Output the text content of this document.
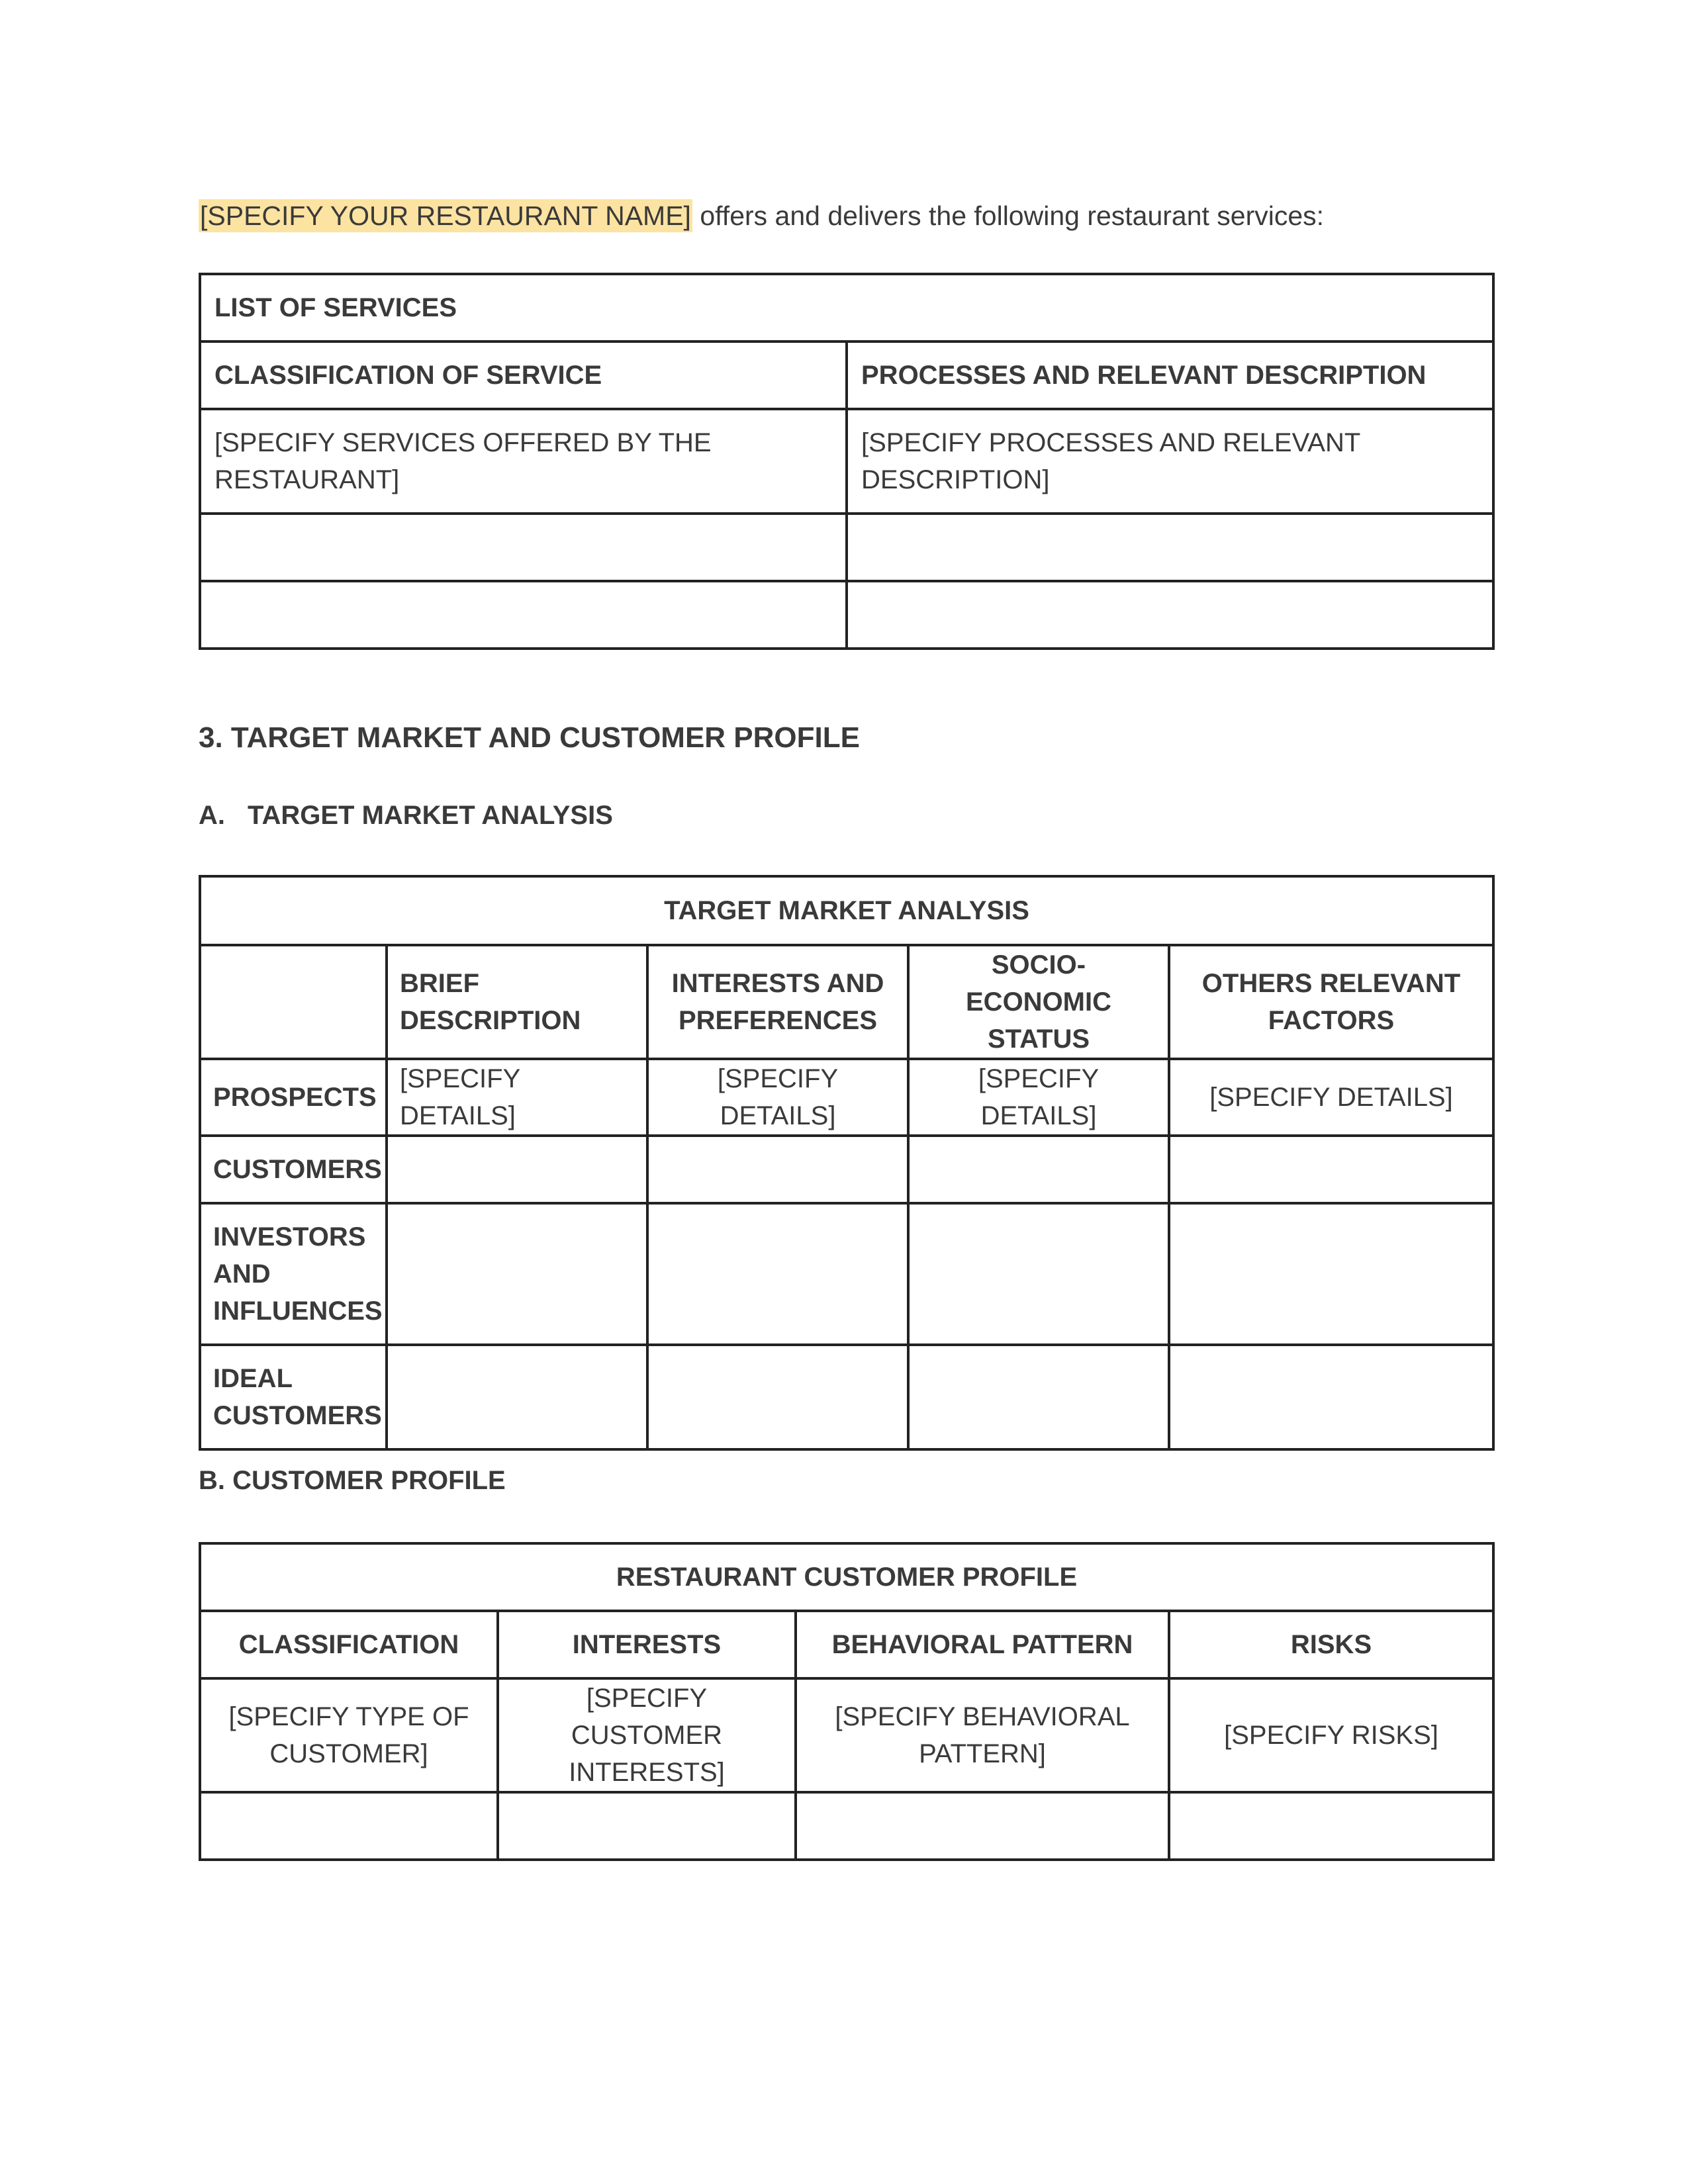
[SPECIFY YOUR RESTAURANT NAME] offers and delivers the following restaurant services:
LIST OF SERVICES	
CLASSIFICATION OF SERVICE	PROCESSES AND RELEVANT DESCRIPTION
[SPECIFY SERVICES OFFERED BY THE RESTAURANT]	[SPECIFY PROCESSES AND RELEVANT DESCRIPTION]

3. TARGET MARKET AND CUSTOMER PROFILE
A. TARGET MARKET ANALYSIS
TARGET MARKET ANALYSIS				
	BRIEF DESCRIPTION	INTERESTS AND PREFERENCES	SOCIO-ECONOMIC STATUS	OTHERS RELEVANT FACTORS
PROSPECTS	[SPECIFY DETAILS]	[SPECIFY DETAILS]	[SPECIFY DETAILS]	[SPECIFY DETAILS]
CUSTOMERS				
INVESTORS AND INFLUENCES				
IDEAL CUSTOMERS				
B. CUSTOMER PROFILE
RESTAURANT CUSTOMER PROFILE			
CLASSIFICATION	INTERESTS	BEHAVIORAL PATTERN	RISKS
[SPECIFY TYPE OF CUSTOMER]	[SPECIFY CUSTOMER INTERESTS]	[SPECIFY BEHAVIORAL PATTERN]	[SPECIFY RISKS]
